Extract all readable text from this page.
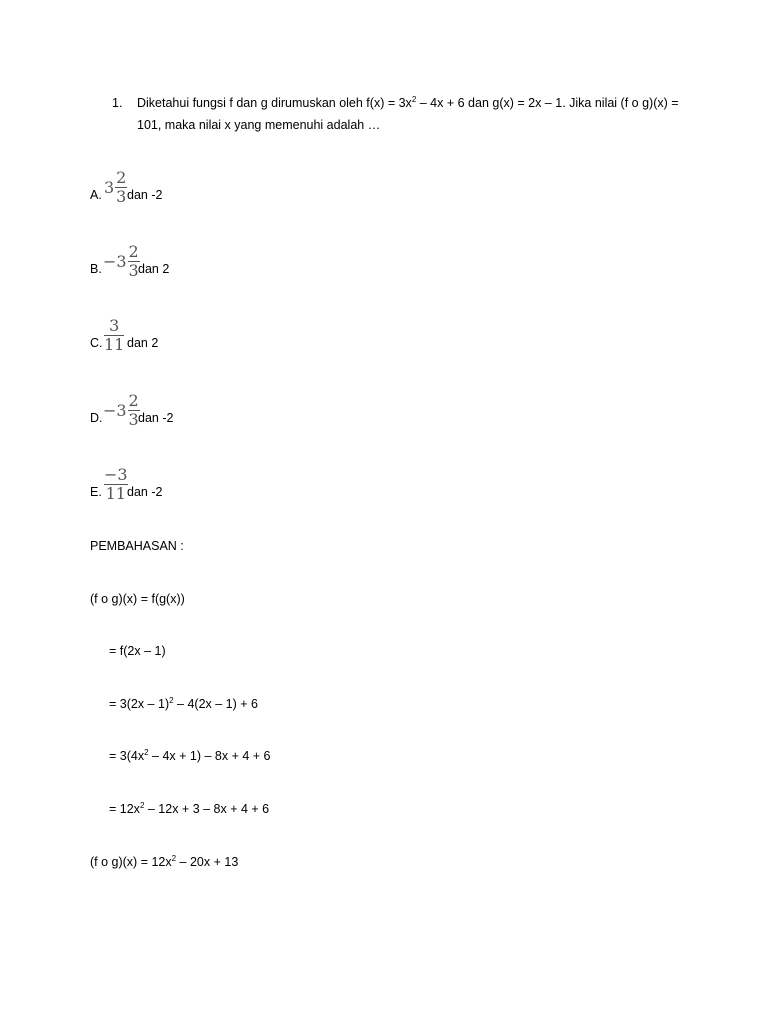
1. Diketahui fungsi f dan g dirumuskan oleh $f(x) = 3x^2 - 4x + 6$ dan g(x) = 2x – 1. Jika nilai (f o g)(x) =
101, maka nilai x yang memenuhi adalah …
A. $3 \frac{2}{3}$ dan -2
B. $-3 \frac{2}{3}$
dan 2
C. $\frac{3}{11}$ dan 2
D. $-3 \frac{2}{3}$
dan -2
E. $\frac{-3}{11}$ dan -2
PEMBAHASAN :
(f o g)(x) = f(g(x))
= f(2x – 1)
= 3(2x – 1)$^2$ – 4(2x – 1) + 6
= $3(4x^2 - 4x + 1) - 8x + 4 + 6$
= $12x^2 - 12x + 3 - 8x + 4 + 6$
(f o $g)(x) = 12x^2 - 20x + 13$
